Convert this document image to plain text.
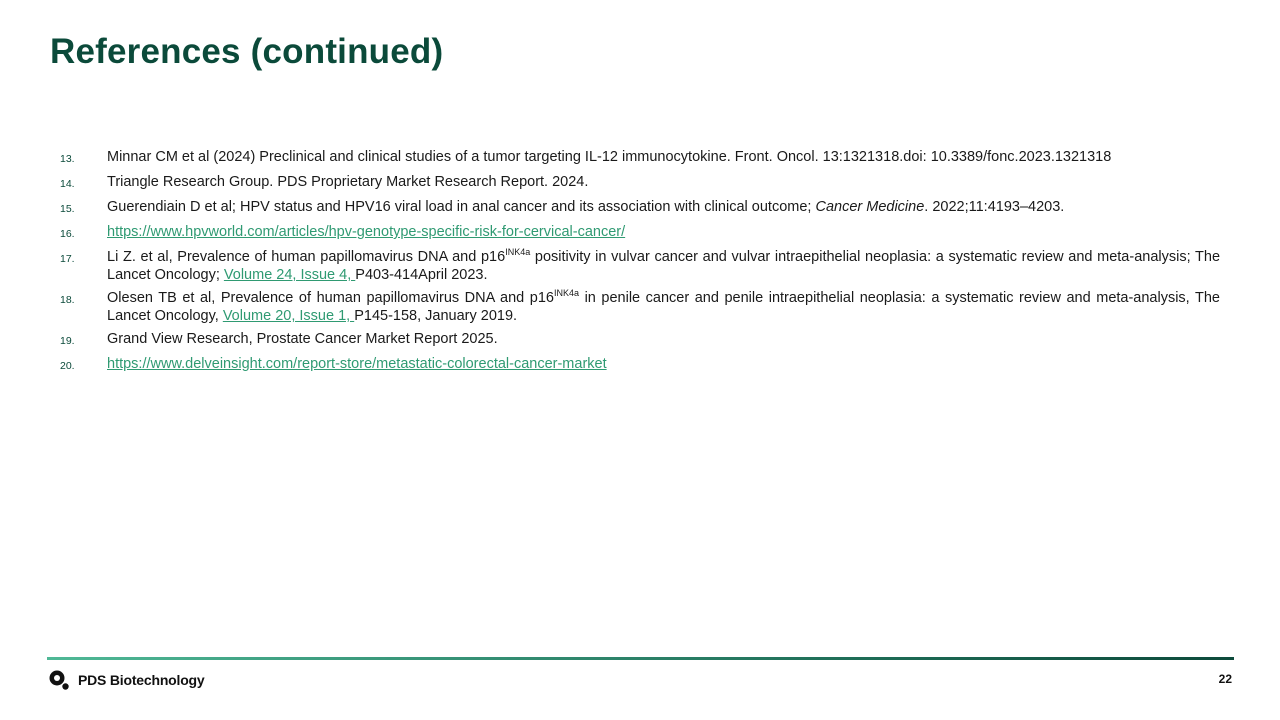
References (continued)
13.	Minnar CM et al (2024) Preclinical and clinical studies of a tumor targeting IL-12 immunocytokine. Front. Oncol. 13:1321318.doi: 10.3389/fonc.2023.1321318
14.	Triangle Research Group. PDS Proprietary Market Research Report. 2024.
15.	Guerendiain D et al; HPV status and HPV16 viral load in anal cancer and its association with clinical outcome; Cancer Medicine. 2022;11:4193–4203.
16.	https://www.hpvworld.com/articles/hpv-genotype-specific-risk-for-cervical-cancer/
17.	Li Z. et al, Prevalence of human papillomavirus DNA and $p16^{INK4a}$ positivity in vulvar cancer and vulvar intraepithelial neoplasia: a systematic review and meta-analysis; The Lancet Oncology; Volume 24, Issue 4, P403-414April 2023.
18.	Olesen TB et al, Prevalence of human papillomavirus DNA and $p16^{INK4a}$ in penile cancer and penile intraepithelial neoplasia: a systematic review and meta-analysis, The Lancet Oncology, Volume 20, Issue 1, P145-158, January 2019.
19.	Grand View Research, Prostate Cancer Market Report 2025.
20.	https://www.delveinsight.com/report-store/metastatic-colorectal-cancer-market
PDS Biotechnology	22
